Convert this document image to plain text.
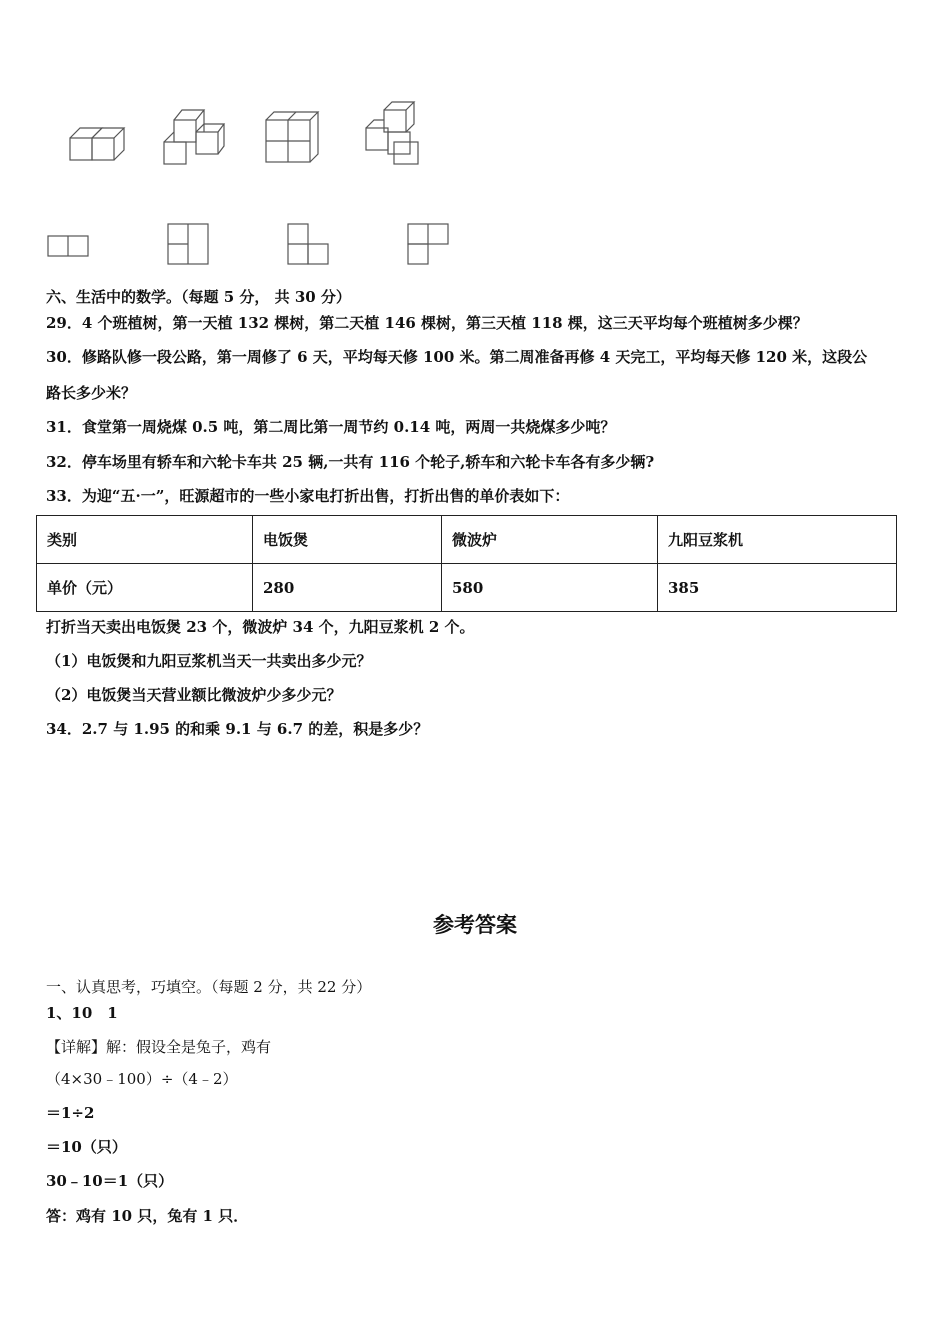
六、生活中的数学。（每题 5 分， 共 30 分）
29．4 个班植树，第一天植 132 棵树，第二天植 146 棵树，第三天植 118 棵，这三天平均每个班植树多少棵？
30．修路队修一段公路，第一周修了 6 天，平均每天修 100 米。第二周准备再修 4 天完工，平均每天修 120 米，这段公
路长多少米？
31．食堂第一周烧煤 0.5 吨，第二周比第一周节约 0.14 吨，两周一共烧煤多少吨？
32．停车场里有轿车和六轮卡车共 25 辆,一共有 116 个轮子,轿车和六轮卡车各有多少辆?
33．为迎“五·一”，旺源超市的一些小家电打折出售，打折出售的单价表如下：
类别	电饭煲	微波炉	九阳豆浆机
单价（元）	280	580	385
打折当天卖出电饭煲 23 个，微波炉 34 个，九阳豆浆机 2 个。
（1）电饭煲和九阳豆浆机当天一共卖出多少元？
（2）电饭煲当天营业额比微波炉少多少元？
34．2.7 与 1.95 的和乘 9.1 与 6.7 的差，积是多少？
参考答案
一、认真思考，巧填空。（每题 2 分，共 22 分）
1、10　1
【详解】解：假设全是兔子，鸡有
（4×30﹣100）÷（4﹣2）
＝1÷2
＝10（只）
30﹣10＝1（只）
答：鸡有 10 只，兔有 1 只．
